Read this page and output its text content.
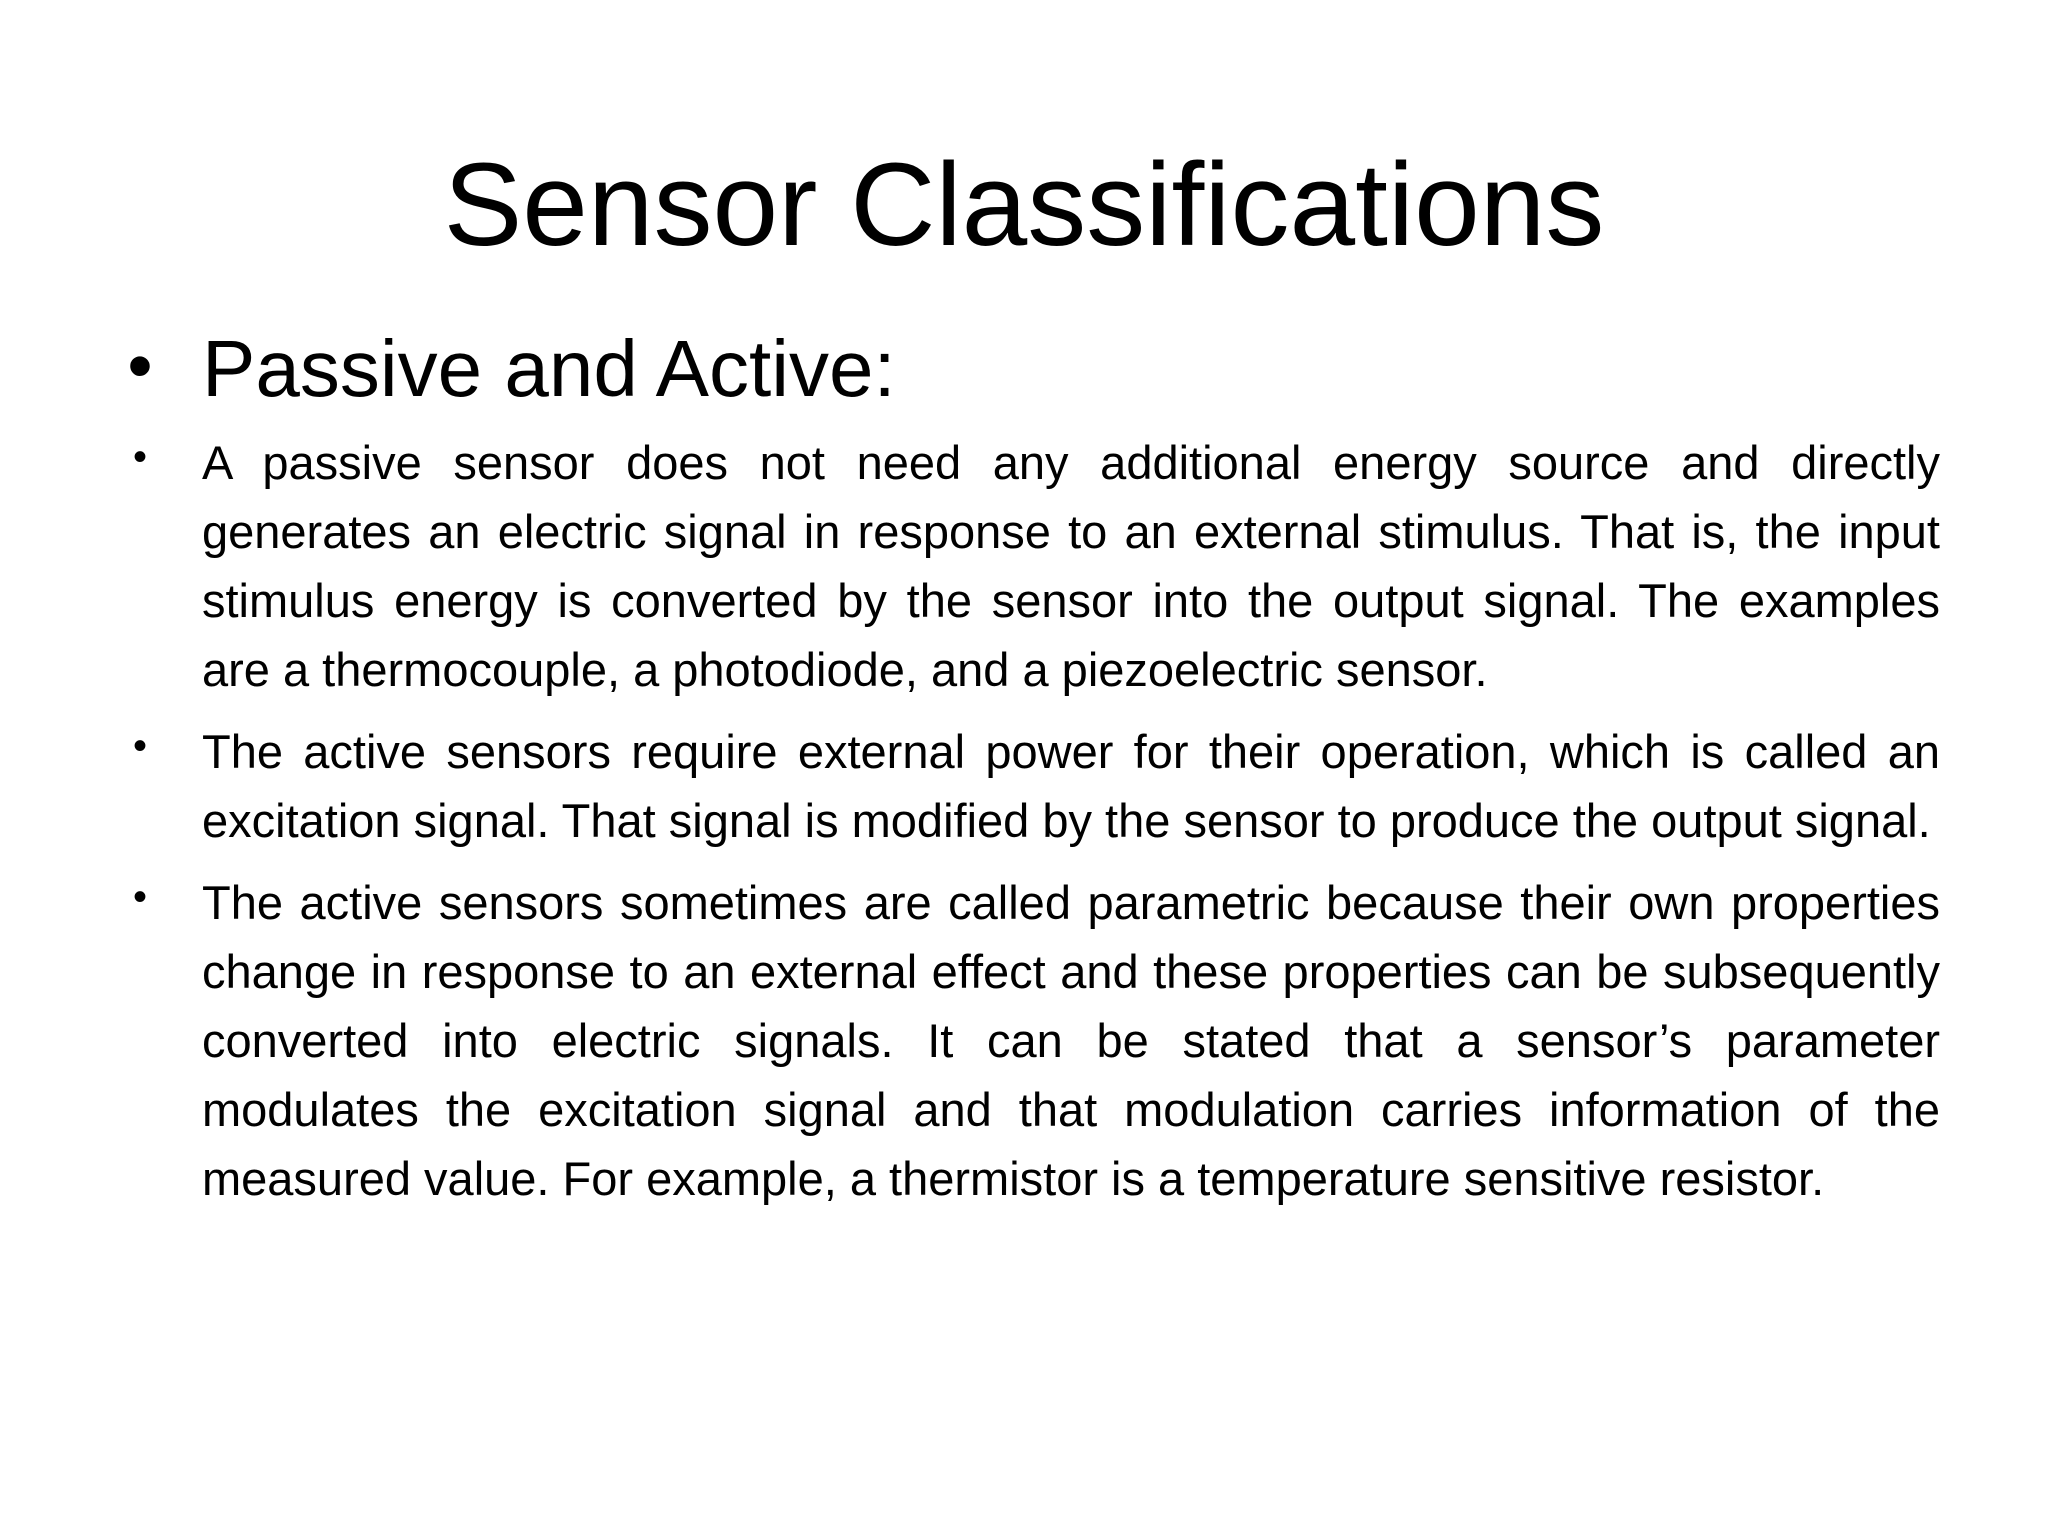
Sensor Classifications
• Passive and Active:
• A passive sensor does not need any additional energy source and directly generates an electric signal in response to an external stimulus. That is, the input stimulus energy is converted by the sensor into the output signal. The examples are a thermocouple, a photodiode, and a piezoelectric sensor.
• The active sensors require external power for their operation, which is called an excitation signal. That signal is modified by the sensor to produce the output signal.
• The active sensors sometimes are called parametric because their own properties change in response to an external effect and these properties can be subsequently converted into electric signals. It can be stated that a sensor’s parameter modulates the excitation signal and that modulation carries information of the measured value. For example, a thermistor is a temperature sensitive resistor.
